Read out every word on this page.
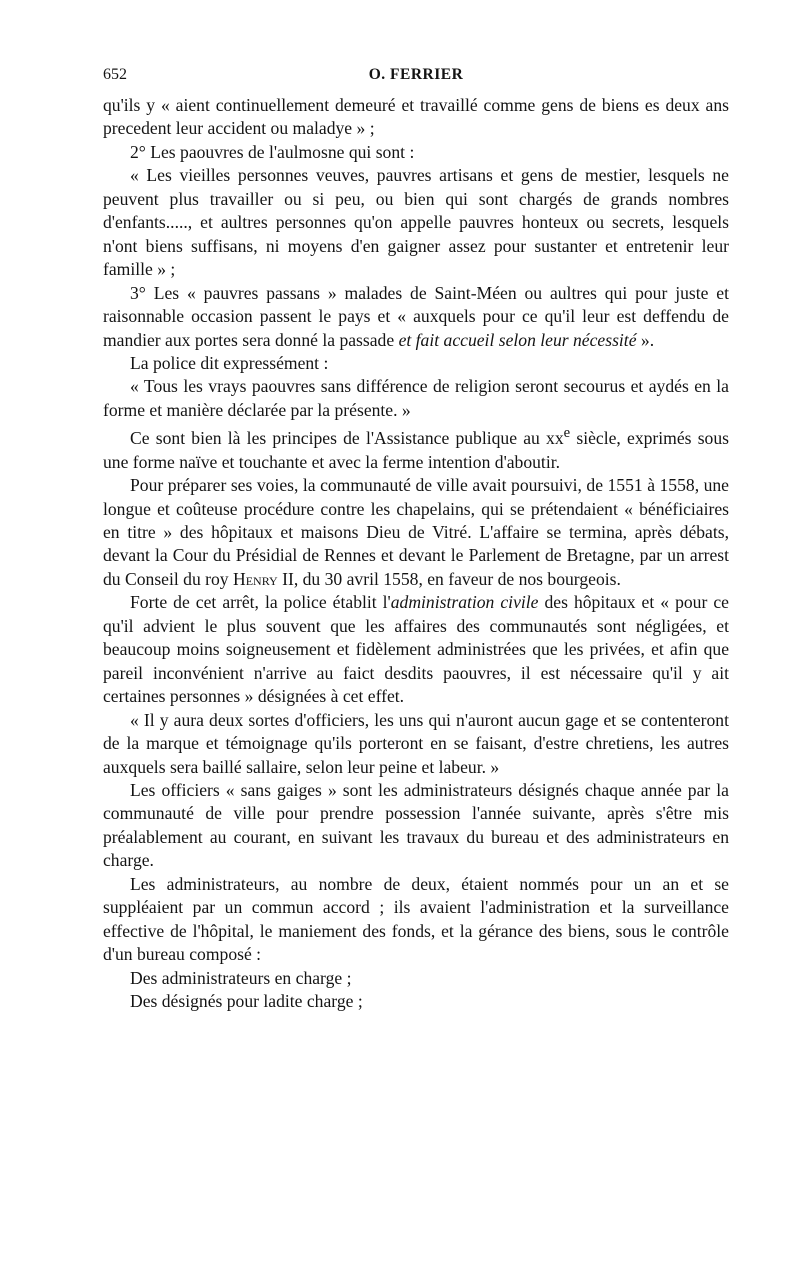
652	O. FERRIER

qu'ils y « aient continuellement demeuré et travaillé comme gens de biens es deux ans precedent leur accident ou maladye » ;

2° Les paouvres de l'aulmosne qui sont :

« Les vieilles personnes veuves, pauvres artisans et gens de mestier, lesquels ne peuvent plus travailler ou si peu, ou bien qui sont chargés de grands nombres d'enfants....., et aultres personnes qu'on appelle pauvres honteux ou secrets, lesquels n'ont biens suffisans, ni moyens d'en gaigner assez pour sustanter et entretenir leur famille » ;

3° Les « pauvres passans » malades de Saint-Méen ou aultres qui pour juste et raisonnable occasion passent le pays et « auxquels pour ce qu'il leur est deffendu de mandier aux portes sera donné la passade et fait accueil selon leur nécessité ».

La police dit expressément :

« Tous les vrays paouvres sans différence de religion seront secourus et aydés en la forme et manière déclarée par la présente. »

Ce sont bien là les principes de l'Assistance publique au $xx^e$ siècle, exprimés sous une forme naïve et touchante et avec la ferme intention d'aboutir.

Pour préparer ses voies, la communauté de ville avait poursuivi, de 1551 à 1558, une longue et coûteuse procédure contre les chapelains, qui se prétendaient « bénéficiaires en titre » des hôpitaux et maisons Dieu de Vitré. L'affaire se termina, après débats, devant la Cour du Présidial de Rennes et devant le Parlement de Bretagne, par un arrest du Conseil du roy Henry II, du 30 avril 1558, en faveur de nos bourgeois.

Forte de cet arrêt, la police établit l'administration civile des hôpitaux et « pour ce qu'il advient le plus souvent que les affaires des communautés sont négligées, et beaucoup moins soigneusement et fidèlement administrées que les privées, et afin que pareil inconvénient n'arrive au faict desdits paouvres, il est nécessaire qu'il y ait certaines personnes » désignées à cet effet.

« Il y aura deux sortes d'officiers, les uns qui n'auront aucun gage et se contenteront de la marque et témoignage qu'ils porteront en se faisant, d'estre chretiens, les autres auxquels sera baillé sallaire, selon leur peine et labeur. »

Les officiers « sans gaiges » sont les administrateurs désignés chaque année par la communauté de ville pour prendre possession l'année suivante, après s'être mis préalablement au courant, en suivant les travaux du bureau et des administrateurs en charge.

Les administrateurs, au nombre de deux, étaient nommés pour un an et se suppléaient par un commun accord ; ils avaient l'administration et la surveillance effective de l'hôpital, le maniement des fonds, et la gérance des biens, sous le contrôle d'un bureau composé :

Des administrateurs en charge ;

Des désignés pour ladite charge ;
